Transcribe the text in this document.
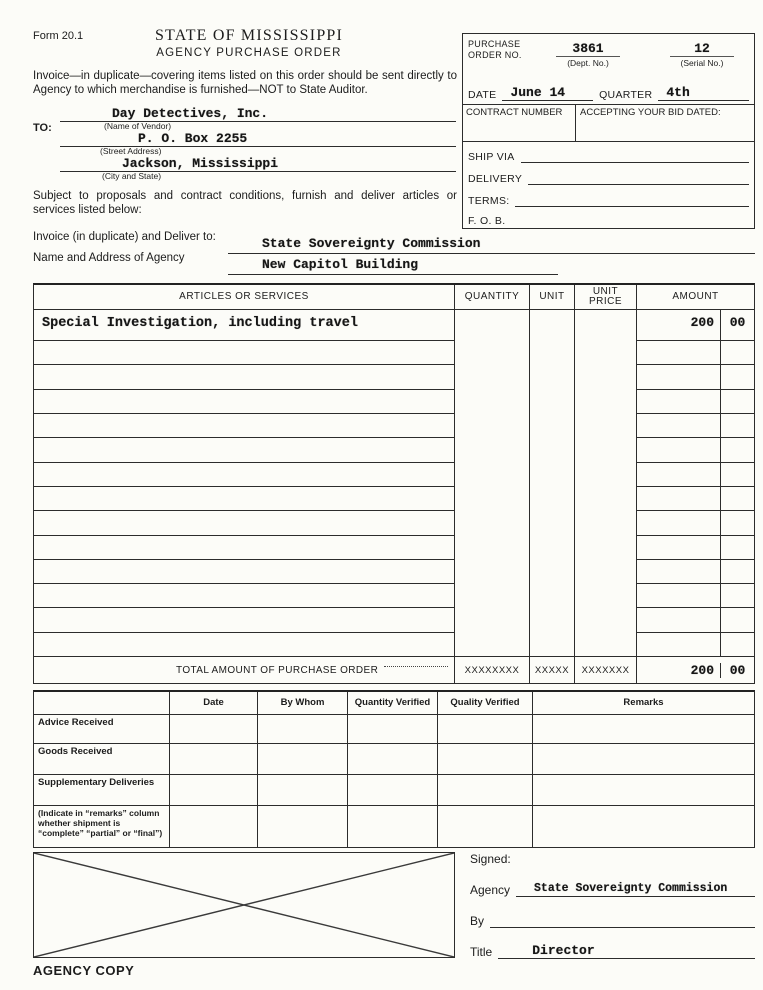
Form 20.1	STATE OF MISSISSIPPI
AGENCY PURCHASE ORDER
Invoice—in duplicate—covering items listed on this order should be sent directly to Agency to which merchandise is furnished—NOT to State Auditor.
TO:
Day Detectives, Inc.
(Name of Vendor)
P. O. Box 2255
(Street Address)
Jackson, Mississippi
(City and State)
Subject to proposals and contract conditions, furnish and deliver articles or services listed below:
PURCHASE
ORDER NO.	3861
(Dept. No.)
12
(Serial No.)
DATE	June 14	QUARTER	4th
CONTRACT NUMBER	ACCEPTING YOUR BID DATED:
SHIP VIA
DELIVERY
TERMS:
F. O. B.
Invoice (in duplicate) and Deliver to:
Name and Address of Agency
State Sovereignty Commission
New Capitol Building
ARTICLES OR SERVICES	QUANTITY	UNIT	UNIT PRICE	AMOUNT
Special Investigation, including travel	200	00
TOTAL AMOUNT OF PURCHASE ORDER	XXXXXXXX	XXXXX	XXXXXXX	200	00
Date	By Whom	Quantity Verified	Quality Verified	Remarks
Advice Received
Goods Received
Supplementary Deliveries
(Indicate in “remarks” column whether shipment is “complete” “partial” or “final”)
Signed:
Agency	State Sovereignty Commission
By
Title	Director
AGENCY COPY
